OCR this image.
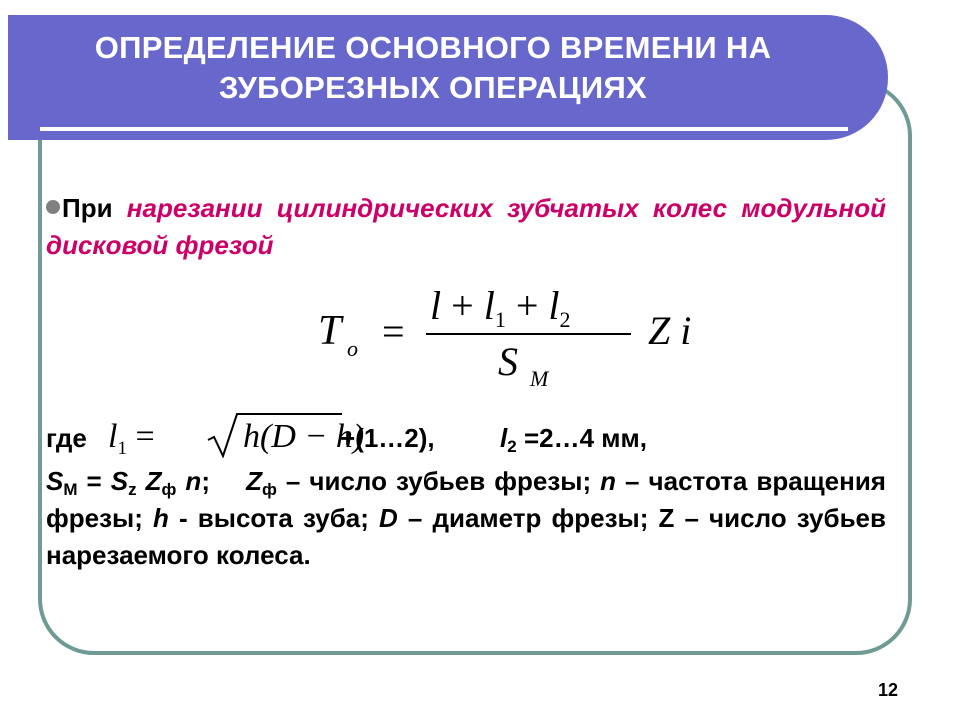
ОПРЕДЕЛЕНИЕ ОСНОВНОГО ВРЕМЕНИ НА
ЗУБОРЕЗНЫХ ОПЕРАЦИЯХ
При нарезании цилиндрических зубчатых колес модульной дисковой фрезой
T o =
$l + l_1 + l_2$
S M
Z i
где $l_1$ =	h(D − h)
+(1…2),	$l_2$ =2…4 мм,
$S_M = S_z$ $Z_ф$ n; $Z_ф$ – число зубьев фрезы; n – частота вращения фрезы; h - высота зуба; D – диаметр фрезы; Z – число зубьев нарезаемого колеса.
12
